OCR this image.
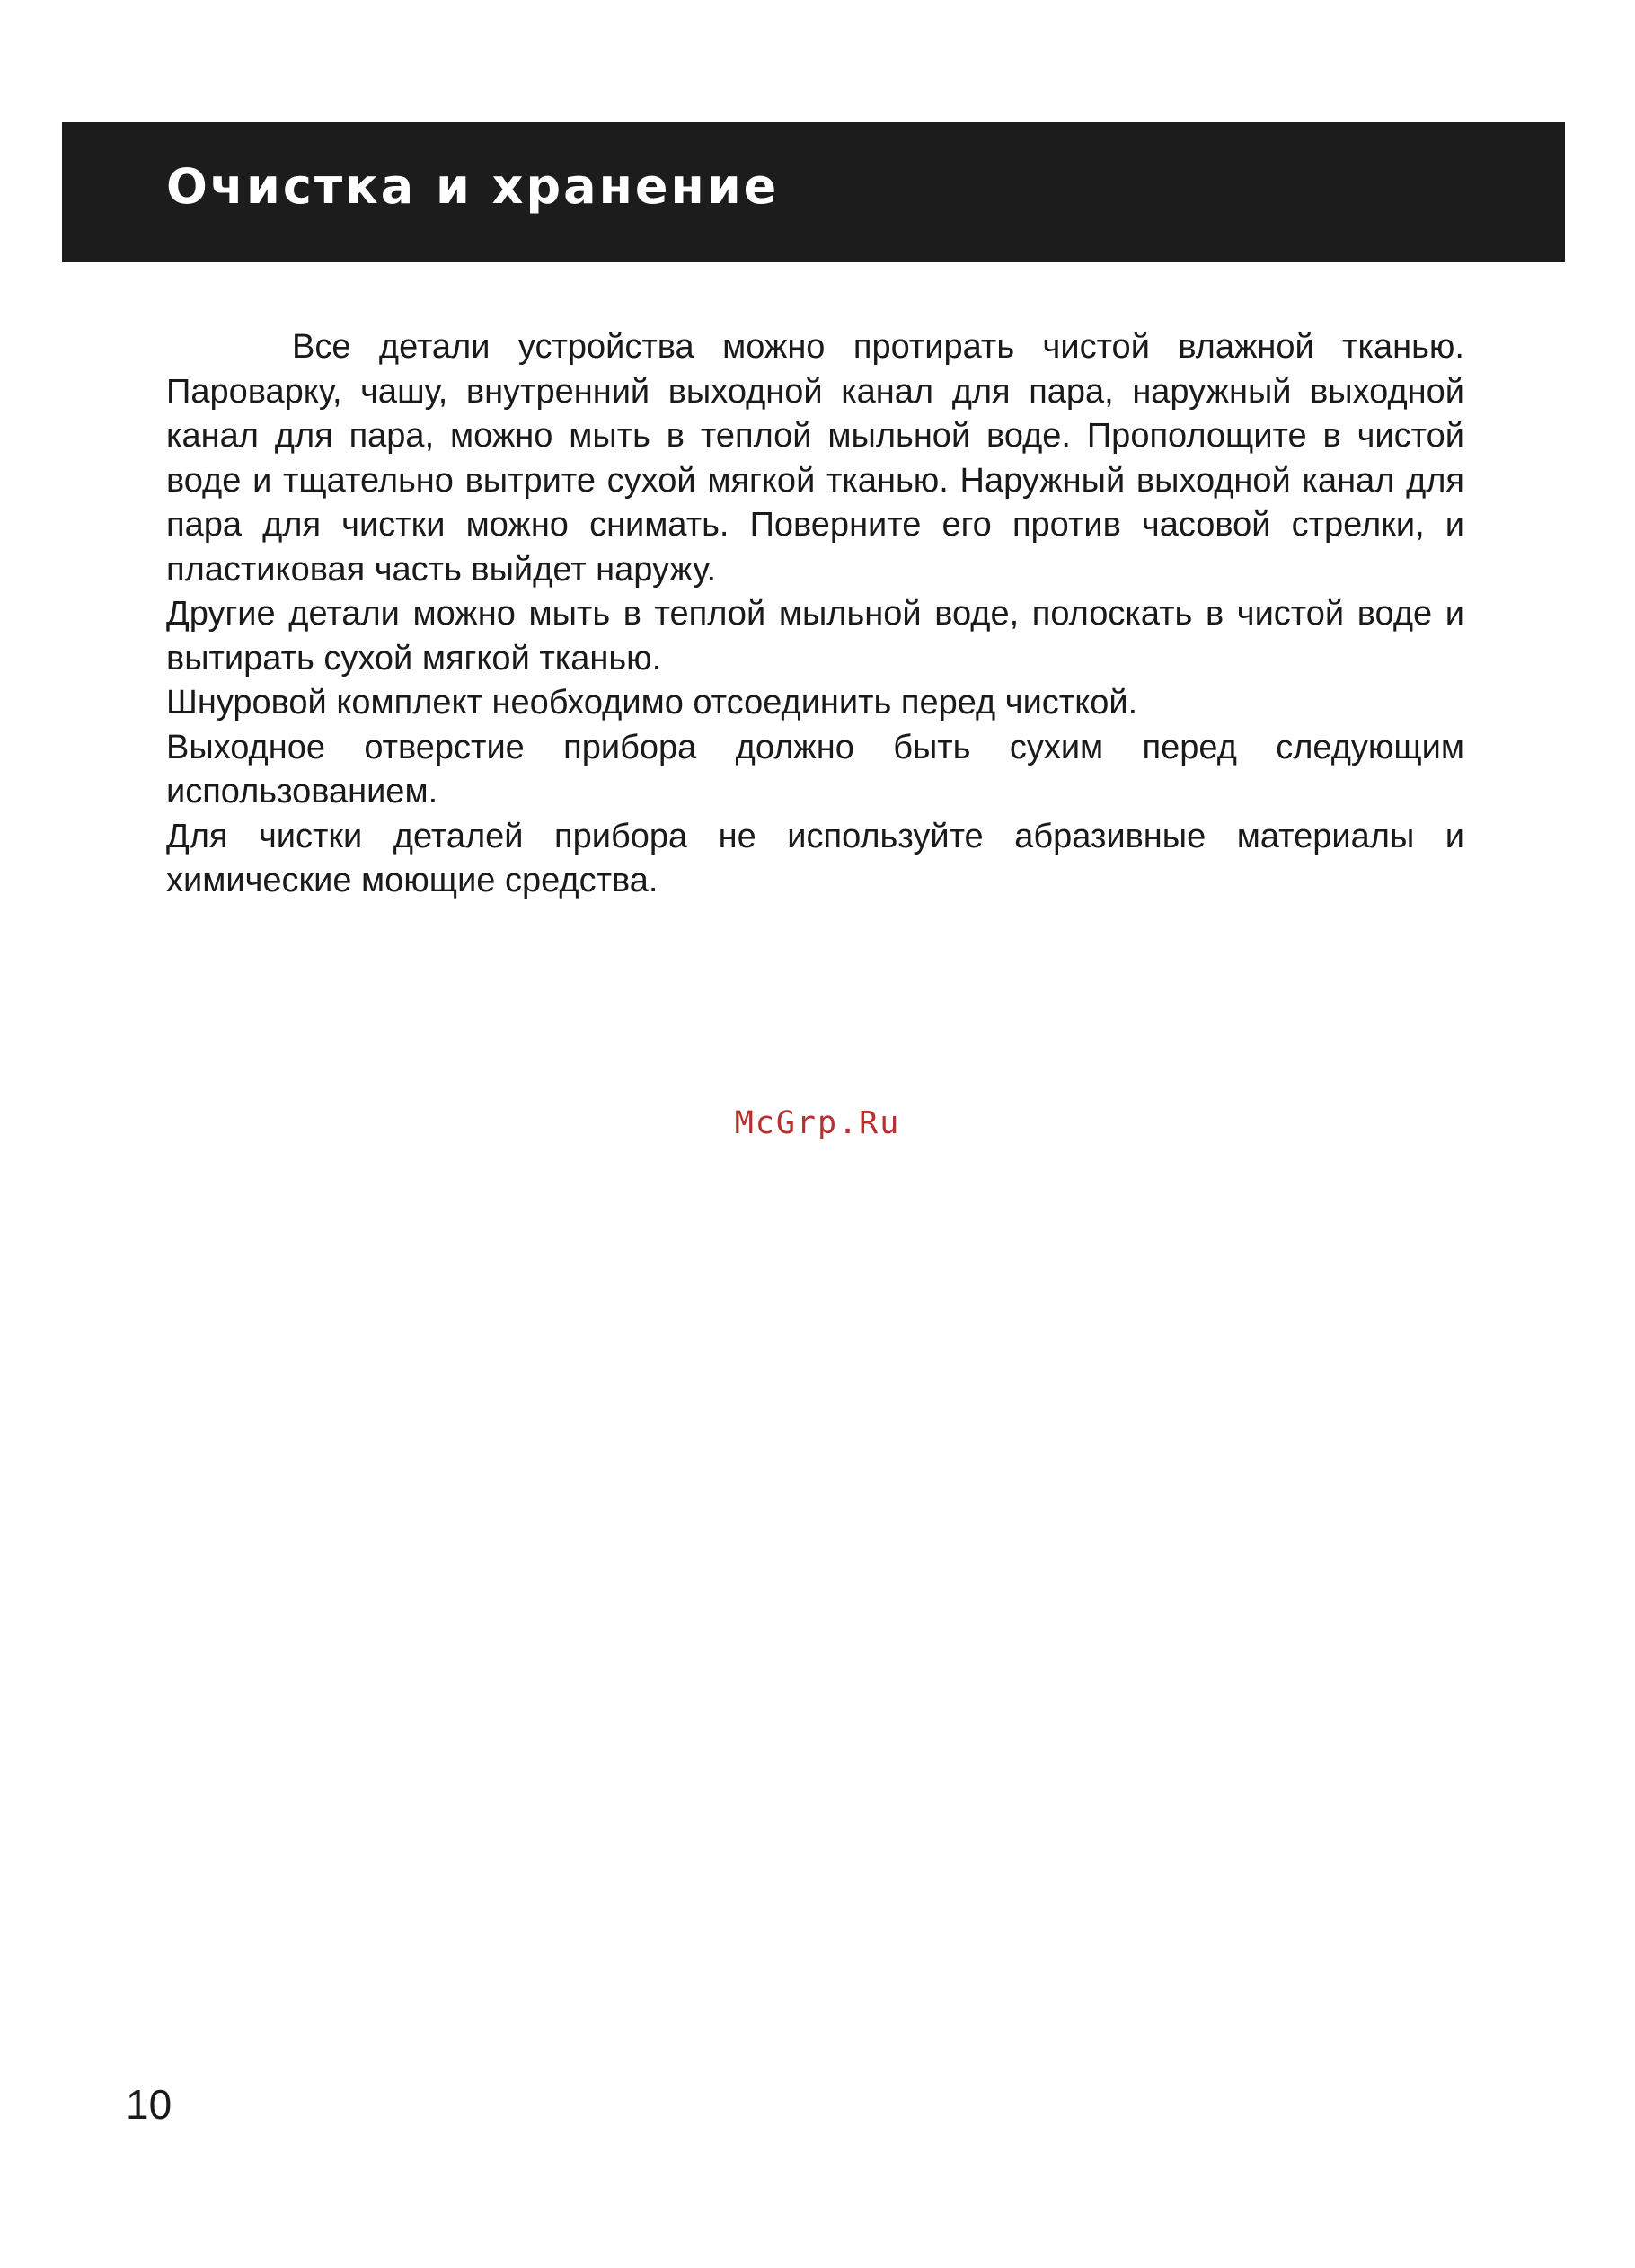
Очистка и хранение

Все детали устройства можно протирать чистой влажной тканью. Пароварку, чашу, внутренний выходной канал для пара, наружный выходной канал для пара, можно мыть в теплой мыльной воде. Прополощите в чистой воде и тщательно вытрите сухой мягкой тканью. Наружный выходной канал для пара для чистки можно снимать. Поверните его против часовой стрелки, и пластиковая часть выйдет наружу.

Другие детали можно мыть в теплой мыльной воде, полоскать в чистой воде и вытирать сухой мягкой тканью.

Шнуровой комплект необходимо отсоединить перед чисткой.

Выходное отверстие прибора должно быть сухим перед следующим использованием.

Для чистки деталей прибора не используйте абразивные материалы и химические моющие средства.

McGrp.Ru
10
